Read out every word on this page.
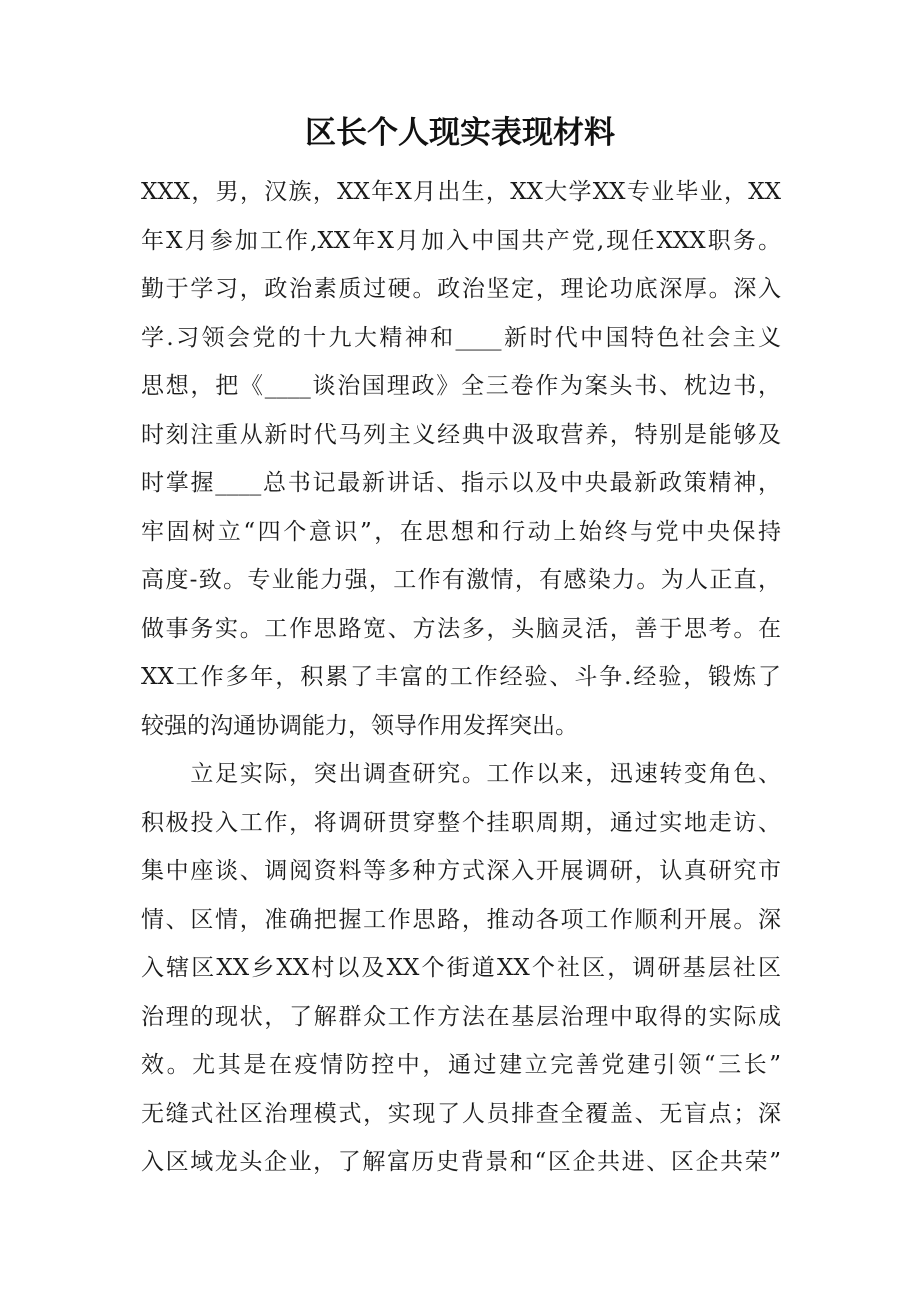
区长个人现实表现材料
XXX，男，汉族，XX年X月出生，XX大学XX专业毕业，XX
年X月参加工作,XX年X月加入中国共产党,现任XXX职务。
勤于学习，政治素质过硬。政治坚定，理论功底深厚。深入
学.习领会党的十九大精神和____新时代中国特色社会主义
思想，把《____谈治国理政》全三卷作为案头书、枕边书，
时刻注重从新时代马列主义经典中汲取营养，特别是能够及
时掌握____总书记最新讲话、指示以及中央最新政策精神，
牢固树立“四个意识”，在思想和行动上始终与党中央保持
高度-致。专业能力强，工作有激情，有感染力。为人正直，
做事务实。工作思路宽、方法多，头脑灵活，善于思考。在
XX工作多年，积累了丰富的工作经验、斗争.经验，锻炼了
较强的沟通协调能力，领导作用发挥突出。
　　立足实际，突出调查研究。工作以来，迅速转变角色、
积极投入工作，将调研贯穿整个挂职周期，通过实地走访、
集中座谈、调阅资料等多种方式深入开展调研，认真研究市
情、区情，准确把握工作思路，推动各项工作顺利开展。深
入辖区XX乡XX村以及XX个街道XX个社区，调研基层社区
治理的现状，了解群众工作方法在基层治理中取得的实际成
效。尤其是在疫情防控中，通过建立完善党建引领“三长”
无缝式社区治理模式，实现了人员排查全覆盖、无盲点；深
入区域龙头企业，了解富历史背景和“区企共进、区企共荣”
